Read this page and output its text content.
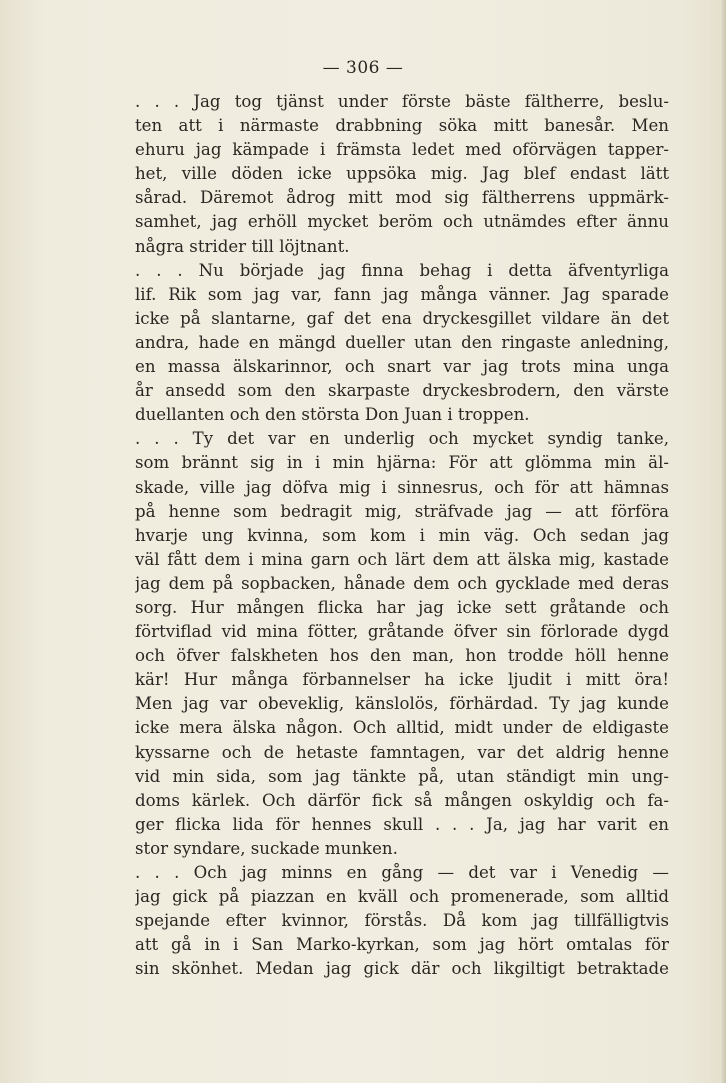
— 306 —
. . . Jag tog tjänst under förste bäste fältherre, beslu-
ten att i närmaste drabbning söka mitt banesår. Men
ehuru jag kämpade i främsta ledet med oförvägen tapper-
het, ville döden icke uppsöka mig. Jag blef endast lätt
sårad. Däremot ådrog mitt mod sig fältherrens uppmärk-
samhet, jag erhöll mycket beröm och utnämdes efter ännu
några strider till löjtnant.
. . . Nu började jag finna behag i detta äfventyrliga
lif. Rik som jag var, fann jag många vänner. Jag sparade
icke på slantarne, gaf det ena dryckesgillet vildare än det
andra, hade en mängd dueller utan den ringaste anledning,
en massa älskarinnor, och snart var jag trots mina unga
år ansedd som den skarpaste dryckesbrodern, den värste
duellanten och den största Don Juan i troppen.
. . . Ty det var en underlig och mycket syndig tanke,
som brännt sig in i min hjärna: För att glömma min äl-
skade, ville jag döfva mig i sinnesrus, och för att hämnas
på henne som bedragit mig, sträfvade jag — att förföra
hvarje ung kvinna, som kom i min väg. Och sedan jag
väl fått dem i mina garn och lärt dem att älska mig, kastade
jag dem på sopbacken, hånade dem och gycklade med deras
sorg. Hur mången flicka har jag icke sett gråtande och
förtviflad vid mina fötter, gråtande öfver sin förlorade dygd
och öfver falskheten hos den man, hon trodde höll henne
kär! Hur många förbannelser ha icke ljudit i mitt öra!
Men jag var obeveklig, känslolös, förhärdad. Ty jag kunde
icke mera älska någon. Och alltid, midt under de eldigaste
kyssarne och de hetaste famntagen, var det aldrig henne
vid min sida, som jag tänkte på, utan ständigt min ung-
doms kärlek. Och därför fick så mången oskyldig och fa-
ger flicka lida för hennes skull . . . Ja, jag har varit en
stor syndare, suckade munken.
. . . Och jag minns en gång — det var i Venedig —
jag gick på piazzan en kväll och promenerade, som alltid
spejande efter kvinnor, förstås. Då kom jag tillfälligtvis
att gå in i San Marko-kyrkan, som jag hört omtalas för
sin skönhet. Medan jag gick där och likgiltigt betraktade
